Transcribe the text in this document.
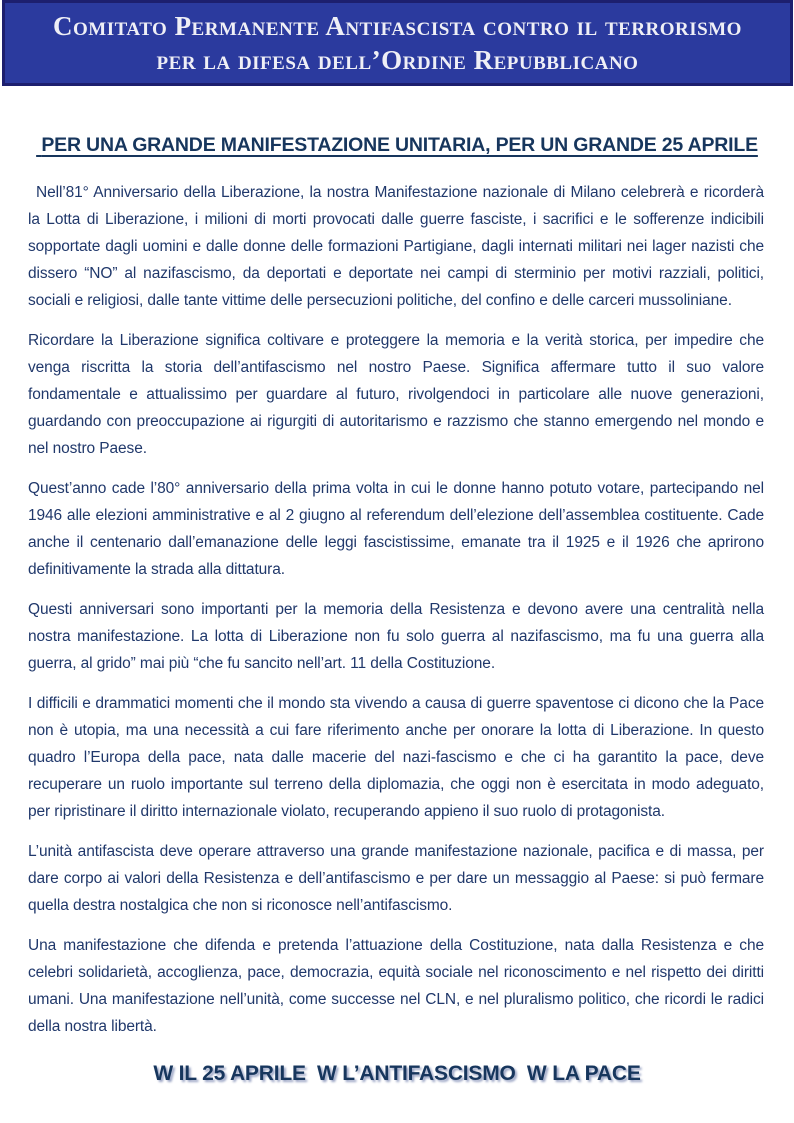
Comitato Permanente Antifascista contro il terrorismo
per la difesa dell’Ordine Repubblicano
PER UNA GRANDE MANIFESTAZIONE UNITARIA, PER UN GRANDE 25 APRILE

Nell’81° Anniversario della Liberazione, la nostra Manifestazione nazionale di Milano celebrerà e ricorderà la Lotta di Liberazione, i milioni di morti provocati dalle guerre fasciste, i sacrifici e le sofferenze indicibili sopportate dagli uomini e dalle donne delle formazioni Partigiane, dagli internati militari nei lager nazisti che dissero “NO” al nazifascismo, da deportati e deportate nei campi di sterminio per motivi razziali, politici, sociali e religiosi, dalle tante vittime delle persecuzioni politiche, del confino e delle carceri mussoliniane.

Ricordare la Liberazione significa coltivare e proteggere la memoria e la verità storica, per impedire che venga riscritta la storia dell’antifascismo nel nostro Paese. Significa affermare tutto il suo valore fondamentale e attualissimo per guardare al futuro, rivolgendoci in particolare alle nuove generazioni, guardando con preoccupazione ai rigurgiti di autoritarismo e razzismo che stanno emergendo nel mondo e nel nostro Paese.

Quest’anno cade l’80° anniversario della prima volta in cui le donne hanno potuto votare, partecipando nel 1946 alle elezioni amministrative e al 2 giugno al referendum dell’elezione dell’assemblea costituente. Cade anche il centenario dall’emanazione delle leggi fascistissime, emanate tra il 1925 e il 1926 che aprirono definitivamente la strada alla dittatura.

Questi anniversari sono importanti per la memoria della Resistenza e devono avere una centralità nella nostra manifestazione. La lotta di Liberazione non fu solo guerra al nazifascismo, ma fu una guerra alla guerra, al grido” mai più “che fu sancito nell’art. 11 della Costituzione.

I difficili e drammatici momenti che il mondo sta vivendo a causa di guerre spaventose ci dicono che la Pace non è utopia, ma una necessità a cui fare riferimento anche per onorare la lotta di Liberazione. In questo quadro l’Europa della pace, nata dalle macerie del nazi-fascismo e che ci ha garantito la pace, deve recuperare un ruolo importante sul terreno della diplomazia, che oggi non è esercitata in modo adeguato, per ripristinare il diritto internazionale violato, recuperando appieno il suo ruolo di protagonista.

L’unità antifascista deve operare attraverso una grande manifestazione nazionale, pacifica e di massa, per dare corpo ai valori della Resistenza e dell’antifascismo e per dare un messaggio al Paese: si può fermare quella destra nostalgica che non si riconosce nell’antifascismo.

Una manifestazione che difenda e pretenda l’attuazione della Costituzione, nata dalla Resistenza e che celebri solidarietà, accoglienza, pace, democrazia, equità sociale nel riconoscimento e nel rispetto dei diritti umani. Una manifestazione nell’unità, come successe nel CLN, e nel pluralismo politico, che ricordi le radici della nostra libertà.

W IL 25 APRILE  W L’ANTIFASCISMO  W LA PACE
